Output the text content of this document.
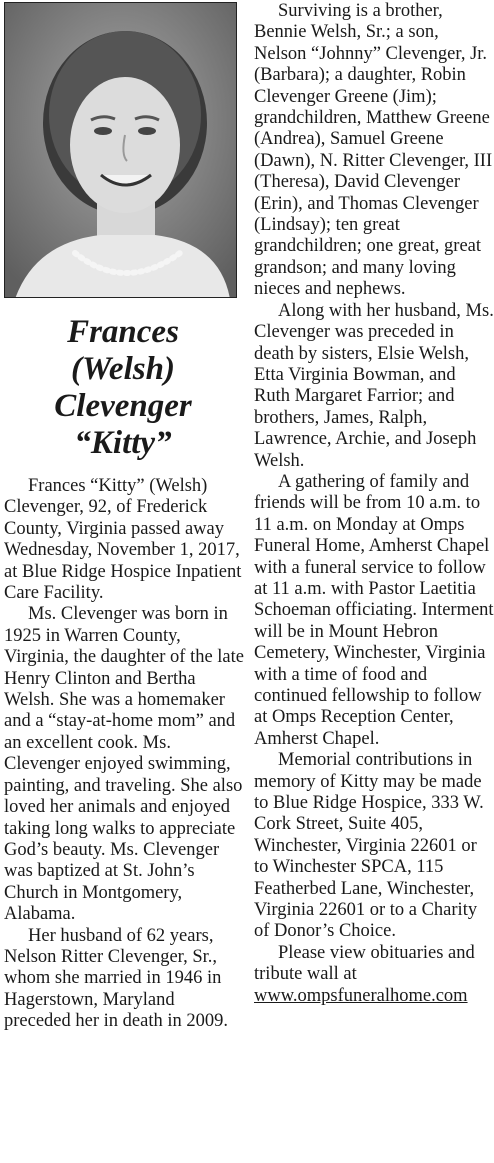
Frances
(Welsh)
Clevenger
“Kitty”

Frances “Kitty” (Welsh) Clevenger, 92, of Frederick County, Virginia passed away Wednesday, November 1, 2017, at Blue Ridge Hospice Inpatient Care Facility.

Ms. Clevenger was born in 1925 in Warren County, Virginia, the daughter of the late Henry Clinton and Bertha Welsh. She was a homemaker and a “stay-at-home mom” and an excellent cook. Ms. Clevenger enjoyed swimming, painting, and traveling. She also loved her animals and enjoyed taking long walks to appreciate God’s beauty. Ms. Clevenger was baptized at St. John’s Church in Montgomery, Alabama.

Her husband of 62 years, Nelson Ritter Clevenger, Sr., whom she married in 1946 in Hagerstown, Maryland preceded her in death in 2009.

Surviving is a brother, Bennie Welsh, Sr.; a son, Nelson “Johnny” Clevenger, Jr. (Barbara); a daughter, Robin Clevenger Greene (Jim); grandchildren, Matthew Greene (Andrea), Samuel Greene (Dawn), N. Ritter Clevenger, III (Theresa), David Clevenger (Erin), and Thomas Clevenger (Lindsay); ten great grandchildren; one great, great grandson; and many loving nieces and nephews.

Along with her husband, Ms. Clevenger was preceded in death by sisters, Elsie Welsh, Etta Virginia Bowman, and Ruth Margaret Farrior; and brothers, James, Ralph, Lawrence, Archie, and Joseph Welsh.

A gathering of family and friends will be from 10 a.m. to 11 a.m. on Monday at Omps Funeral Home, Amherst Chapel with a funeral service to follow at 11 a.m. with Pastor Laetitia Schoeman officiating. Interment will be in Mount Hebron Cemetery, Winchester, Virginia with a time of food and continued fellowship to follow at Omps Reception Center, Amherst Chapel.

Memorial contributions in memory of Kitty may be made to Blue Ridge Hospice, 333 W. Cork Street, Suite 405, Winchester, Virginia 22601 or to Winchester SPCA, 115 Featherbed Lane, Winchester, Virginia 22601 or to a Charity of Donor’s Choice.

Please view obituaries and tribute wall at

www.ompsfuneralhome.com
